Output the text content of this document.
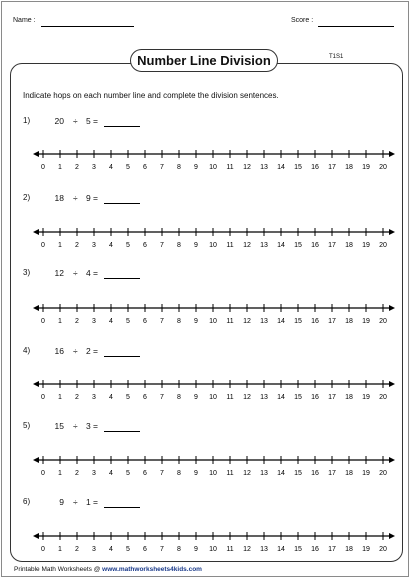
Name :	Score :
Number Line Division	T1S1
Indicate hops on each number line and complete the division sentences.
1)	20 ÷ 5 =
0 1 2 3 4 5 6 7 8 9 10 11 12 13 14 15 16 17 18 19 20
2)	18 ÷ 9 =
0 1 2 3 4 5 6 7 8 9 10 11 12 13 14 15 16 17 18 19 20
3)	12 ÷ 4 =
0 1 2 3 4 5 6 7 8 9 10 11 12 13 14 15 16 17 18 19 20
4)	16 ÷ 2 =
0 1 2 3 4 5 6 7 8 9 10 11 12 13 14 15 16 17 18 19 20
5)	15 ÷ 3 =
0 1 2 3 4 5 6 7 8 9 10 11 12 13 14 15 16 17 18 19 20
6)	9 ÷ 1 =
0 1 2 3 4 5 6 7 8 9 10 11 12 13 14 15 16 17 18 19 20
Printable Math Worksheets @ www.mathworksheets4kids.com
